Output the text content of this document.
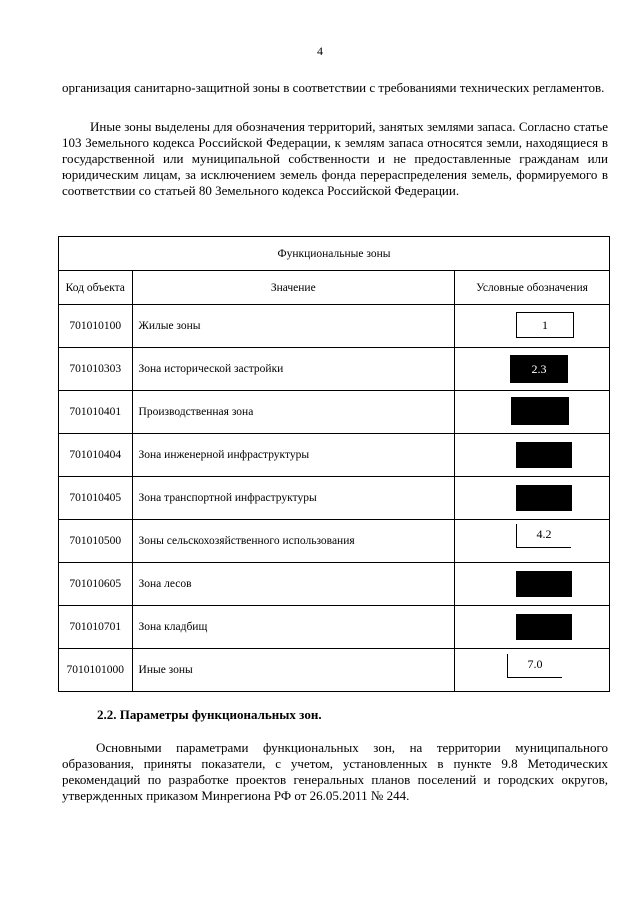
4

организация санитарно-защитной зоны в соответствии с требованиями технических регламентов.

Иные зоны выделены для обозначения территорий, занятых землями запаса. Согласно статье 103 Земельного кодекса Российской Федерации, к землям запаса относятся земли, находящиеся в государственной или муниципальной собственности и не предоставленные гражданам или юридическим лицам, за исключением земель фонда перераспределения земель, формируемого в соответствии со статьей 80 Земельного кодекса Российской Федерации.

Функциональные зоны		
Код объекта	Значение	Условные обозначения
701010100	Жилые зоны	1

701010303	Зона исторической застройки	2.3

701010401	Производственная зона	

701010404	Зона инженерной инфраструктуры	

701010405	Зона транспортной инфраструктуры	

701010500	Зоны сельскохозяйственного использования	4.2

701010605	Зона лесов	

701010701	Зона кладбищ	

7010101000	Иные зоны	7.0
2.2. Параметры функциональных зон.

Основными параметрами функциональных зон, на территории муниципального образования, приняты показатели, с учетом, установленных в пункте 9.8 Методических рекомендаций по разработке проектов генеральных планов поселений и городских округов, утвержденных приказом Минрегиона РФ от 26.05.2011 № 244.
